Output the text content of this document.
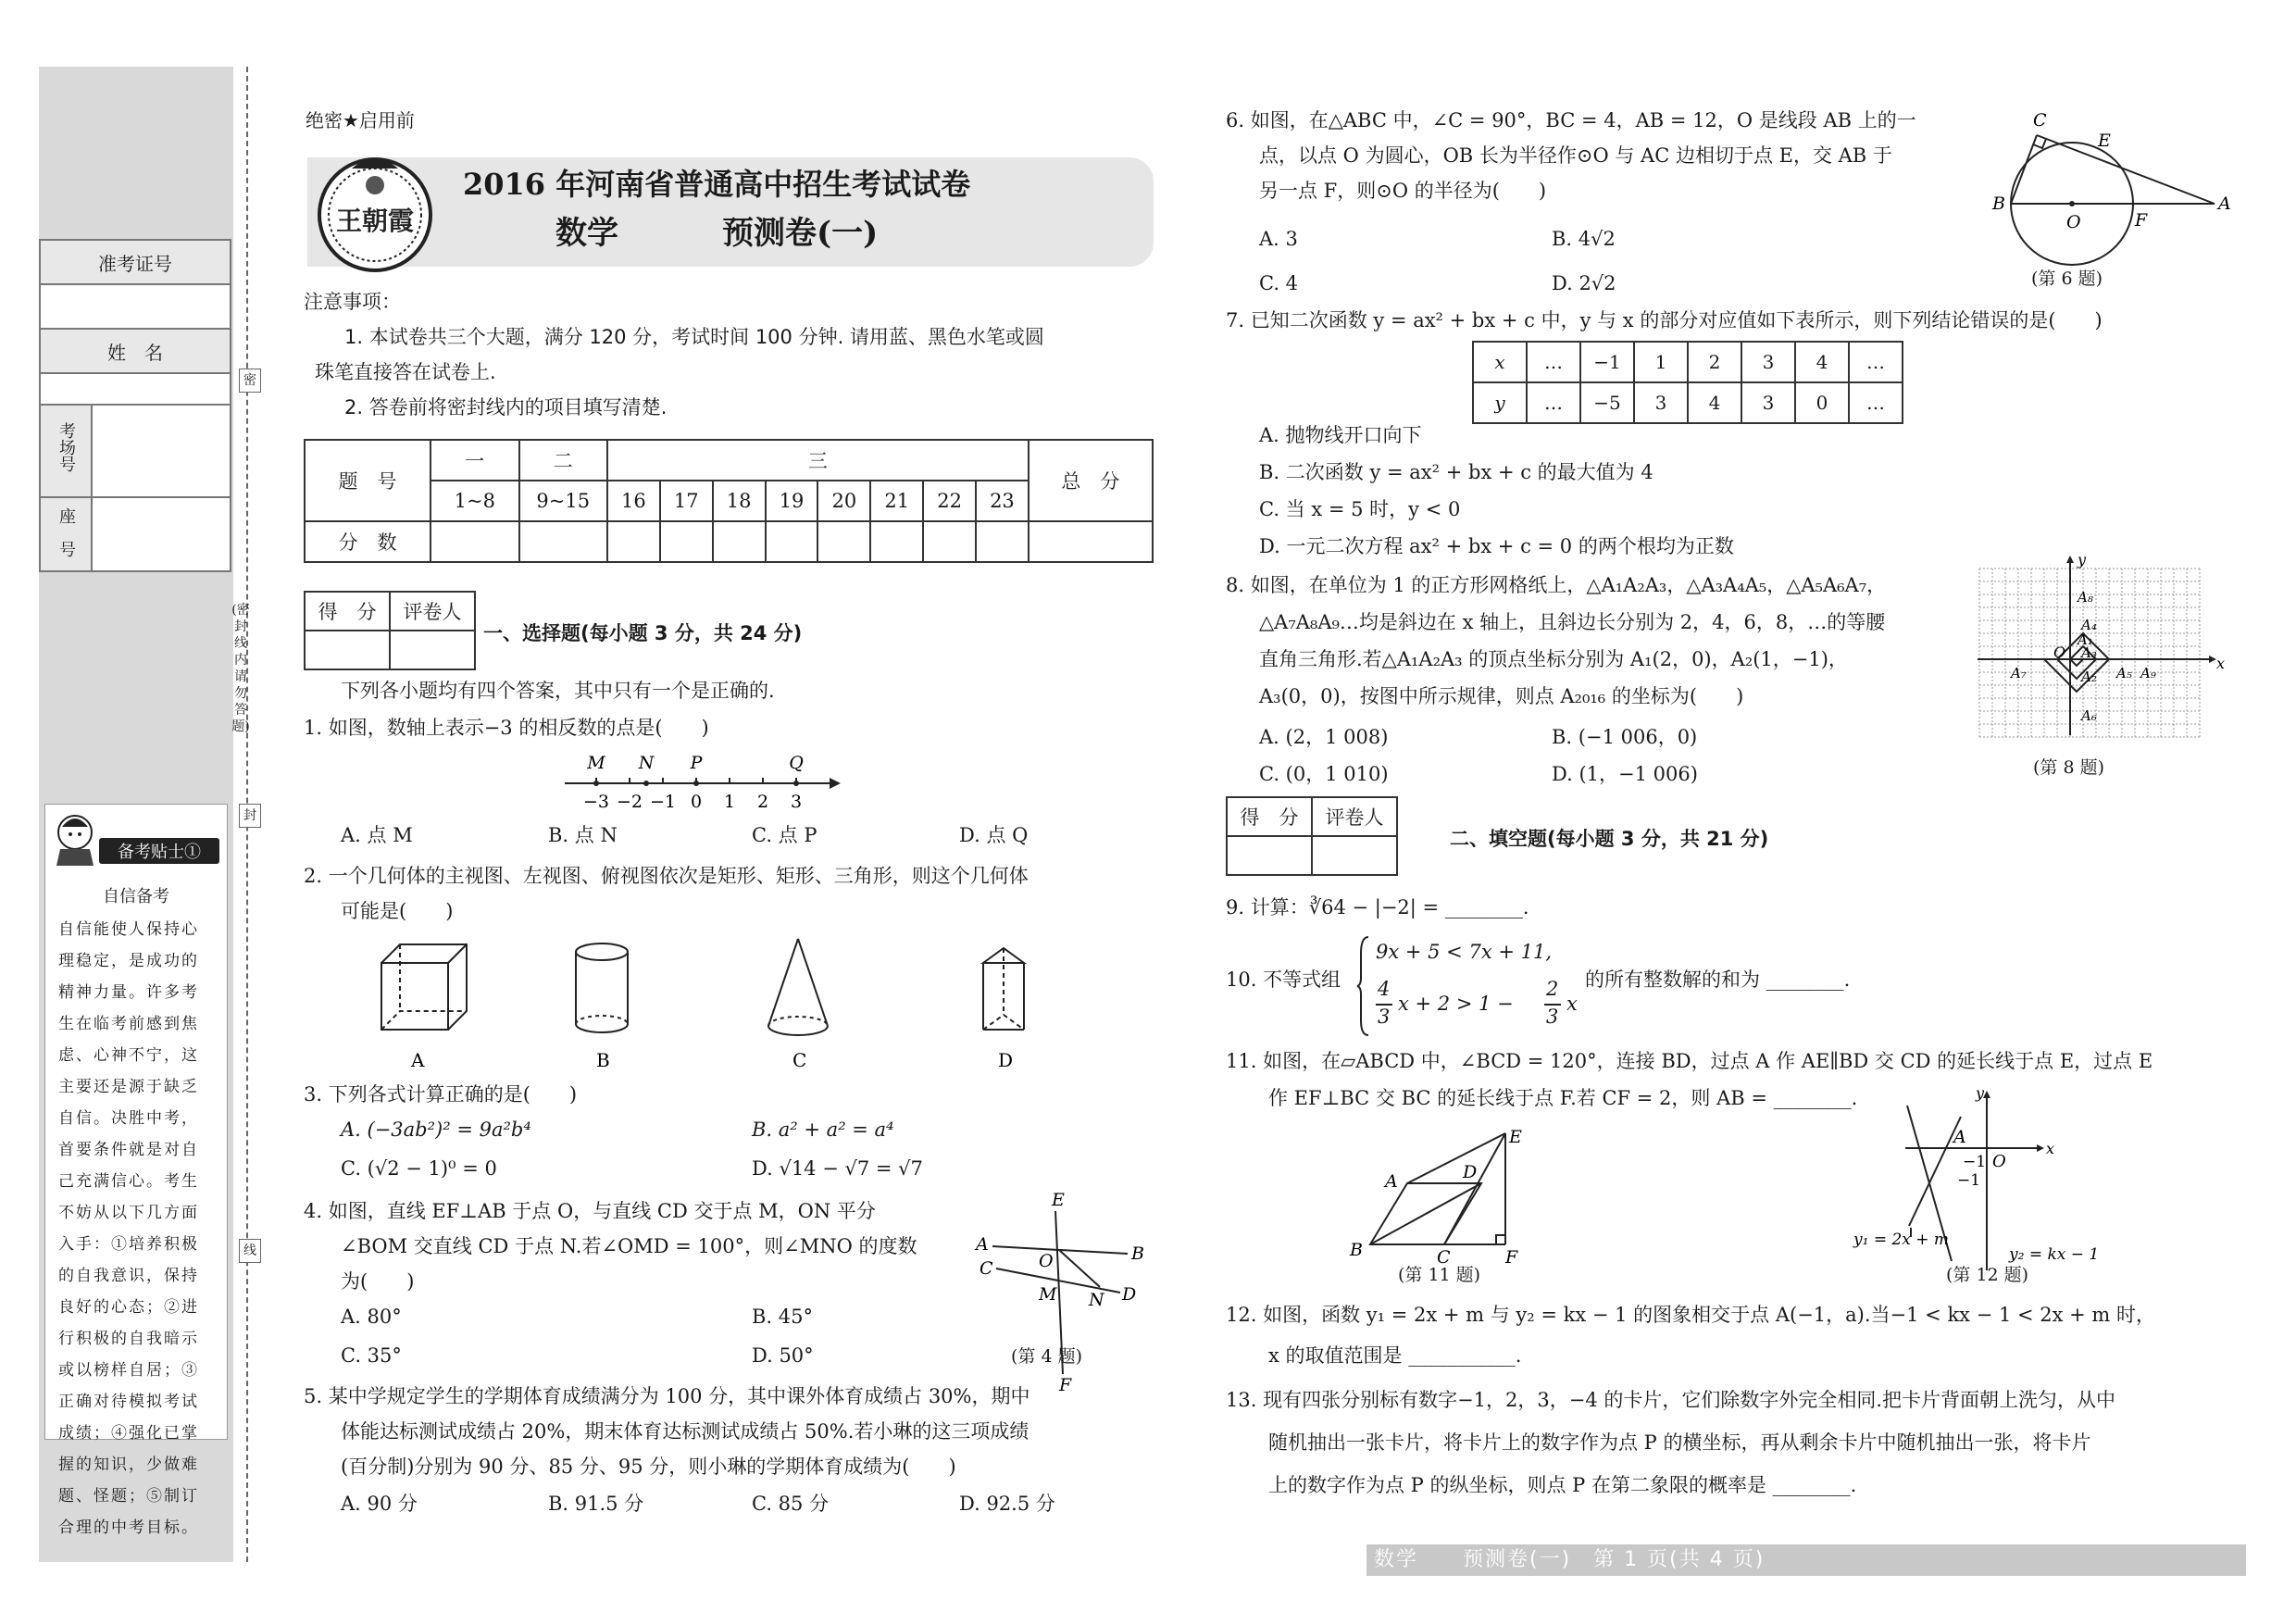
准考证号

姓　名

考场号	
座　号	
备考贴士①
自信备考
自信能使人保持心理稳定，是成功的精神力量。许多考生在临考前感到焦虑、心神不宁，这主要还是源于缺乏自信。决胜中考，首要条件就是对自己充满信心。考生不妨从以下几方面入手：①培养积极的自我意识，保持良好的心态；②进行积极的自我暗示或以榜样自居；③正确对待模拟考试成绩；④强化已掌握的知识，少做难题、怪题；⑤制订合理的中考目标。
密
封
线
(密封线内请勿答题)
绝密★启用前
王朝霞
2016 年河南省普通高中招生考试试卷
数学	预测卷(一)
注意事项：
1. 本试卷共三个大题，满分 120 分，考试时间 100 分钟. 请用蓝、黑色水笔或圆
珠笔直接答在试卷上.
2. 答卷前将密封线内的项目填写清楚.
题　号	一	二	三								总　分
	1~8	9~15	16	17	18	19	20	21	22	23	
分　数											
得　分	评卷人

一、选择题(每小题 3 分，共 24 分)
下列各小题均有四个答案，其中只有一个是正确的.
1. 如图，数轴上表示−3 的相反数的点是(　　)
−3 −2 −1 0 1 2 3
M N P	Q
A. 点 M	B. 点 N	C. 点 P	D. 点 Q
2. 一个几何体的主视图、左视图、俯视图依次是矩形、矩形、三角形，则这个几何体
可能是(　　)
A	B	C	D
3. 下列各式计算正确的是(　　)
A. (−3ab²)² = 9a²b⁴	B. a² + a² = a⁴
C. (√2 − 1)⁰ = 0	D. √14 − √7 = √7
4. 如图，直线 EF⊥AB 于点 O，与直线 CD 交于点 M，ON 平分
∠BOM 交直线 CD 于点 N.若∠OMD = 100°，则∠MNO 的度数
为(　　)
A. 80°	B. 45°
C. 35°	D. 50°
E
A	B
O
C
M N D
F
(第 4 题)
5. 某中学规定学生的学期体育成绩满分为 100 分，其中课外体育成绩占 30%，期中
体能达标测试成绩占 20%，期末体育达标测试成绩占 50%.若小琳的这三项成绩
(百分制)分别为 90 分、85 分、95 分，则小琳的学期体育成绩为(　　)
A. 90 分	B. 91.5 分	C. 85 分	D. 92.5 分
6. 如图，在△ABC 中，∠C = 90°，BC = 4，AB = 12，O 是线段 AB 上的一
点，以点 O 为圆心，OB 长为半径作⊙O 与 AC 边相切于点 E，交 AB 于
另一点 F，则⊙O 的半径为(　　)
A. 3	B. 4√2
C. 4	D. 2√2
C
E
B
O	F
A
(第 6 题)
7. 已知二次函数 y = ax² + bx + c 中，y 与 x 的部分对应值如下表所示，则下列结论错误的是(　　)
x	…	−1	1	2	3	4	…
y	…	−5	3	4	3	0	…
A. 抛物线开口向下
B. 二次函数 y = ax² + bx + c 的最大值为 4
C. 当 x = 5 时，y < 0
D. 一元二次方程 ax² + bx + c = 0 的两个根均为正数
8. 如图，在单位为 1 的正方形网格纸上，△A₁A₂A₃，△A₃A₄A₅，△A₅A₆A₇，
△A₇A₈A₉…均是斜边在 x 轴上，且斜边长分别为 2，4，6，8，…的等腰
直角三角形.若△A₁A₂A₃ 的顶点坐标分别为 A₁(2，0)，A₂(1，−1)，
A₃(0，0)，按图中所示规律，则点 A₂₀₁₆ 的坐标为(　　)
A. (2，1 008)	B. (−1 006，0)
C. (0，1 010)	D. (1，−1 006)
y
x
O
A₈
A₄
A₁
A₂
A₃
A₅
A₇	A₉
A₆
(第 8 题)
得　分	评卷人

二、填空题(每小题 3 分，共 21 分)
9. 计算：∛64 − |−2| = ________.
10. 不等式组
9x + 5 < 7x + 11,
4
3
x + 2 > 1 −
2
3
x
的所有整数解的和为 ________.
11. 如图，在▱ABCD 中，∠BCD = 120°，连接 BD，过点 A 作 AE∥BD 交 CD 的延长线于点 E，过点 E
作 EF⊥BC 交 BC 的延长线于点 F.若 CF = 2，则 AB = ________.
E
A	D
B	C	F
(第 11 题)
y
x
A
O
−1
−1
y₁ = 2x + m
y₂ = kx − 1
(第 12 题)
12. 如图，函数 y₁ = 2x + m 与 y₂ = kx − 1 的图象相交于点 A(−1，a).当−1 < kx − 1 < 2x + m 时，
x 的取值范围是 ___________.
13. 现有四张分别标有数字−1，2，3，−4 的卡片，它们除数字外完全相同.把卡片背面朝上洗匀，从中
随机抽出一张卡片，将卡片上的数字作为点 P 的横坐标，再从剩余卡片中随机抽出一张，将卡片
上的数字作为点 P 的纵坐标，则点 P 在第二象限的概率是 ________.
数学　　预测卷(一)　第 1 页(共 4 页)
